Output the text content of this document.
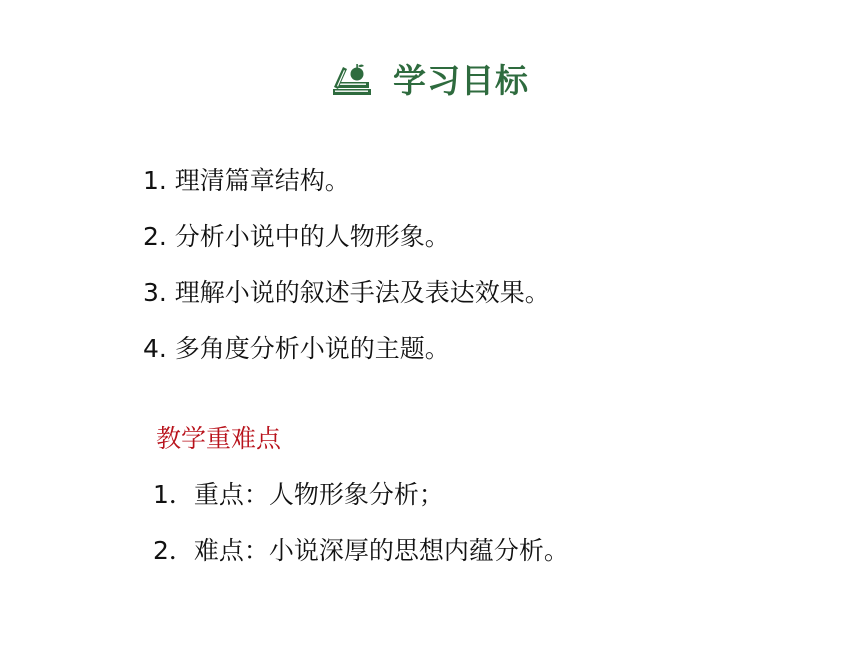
学习目标
1. 理清篇章结构。
2. 分析小说中的人物形象。
3. 理解小说的叙述手法及表达效果。
4. 多角度分析小说的主题。
教学重难点
1．重点：人物形象分析；
2．难点：小说深厚的思想内蕴分析。
